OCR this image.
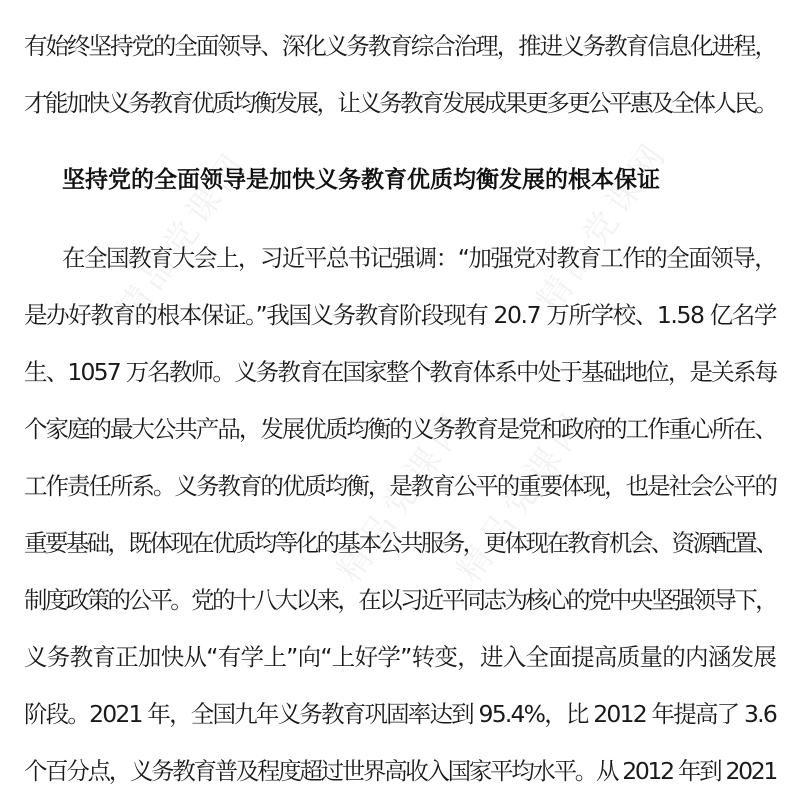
精品党课网	精品党课网
精品党课网
精品党课网
有始终坚持党的全面领导、深化义务教育综合治理，推进义务教育信息化进程，
才能加快义务教育优质均衡发展，让义务教育发展成果更多更公平惠及全体人民。
坚持党的全面领导是加快义务教育优质均衡发展的根本保证
在全国教育大会上，习近平总书记强调：“加强党对教育工作的全面领导，
是办好教育的根本保证。”我国义务教育阶段现有 20.7 万所学校、1.58 亿名学
生、1057 万名教师。义务教育在国家整个教育体系中处于基础地位，是关系每
个家庭的最大公共产品，发展优质均衡的义务教育是党和政府的工作重心所在、
工作责任所系。义务教育的优质均衡，是教育公平的重要体现，也是社会公平的
重要基础，既体现在优质均等化的基本公共服务，更体现在教育机会、资源配置、
制度政策的公平。党的十八大以来，在以习近平同志为核心的党中央坚强领导下，
义务教育正加快从“有学上”向“上好学”转变，进入全面提高质量的内涵发展
阶段。2021 年，全国九年义务教育巩固率达到 95.4%，比 2012 年提高了 3.6
个百分点，义务教育普及程度超过世界高收入国家平均水平。从 2012 年到 2021
